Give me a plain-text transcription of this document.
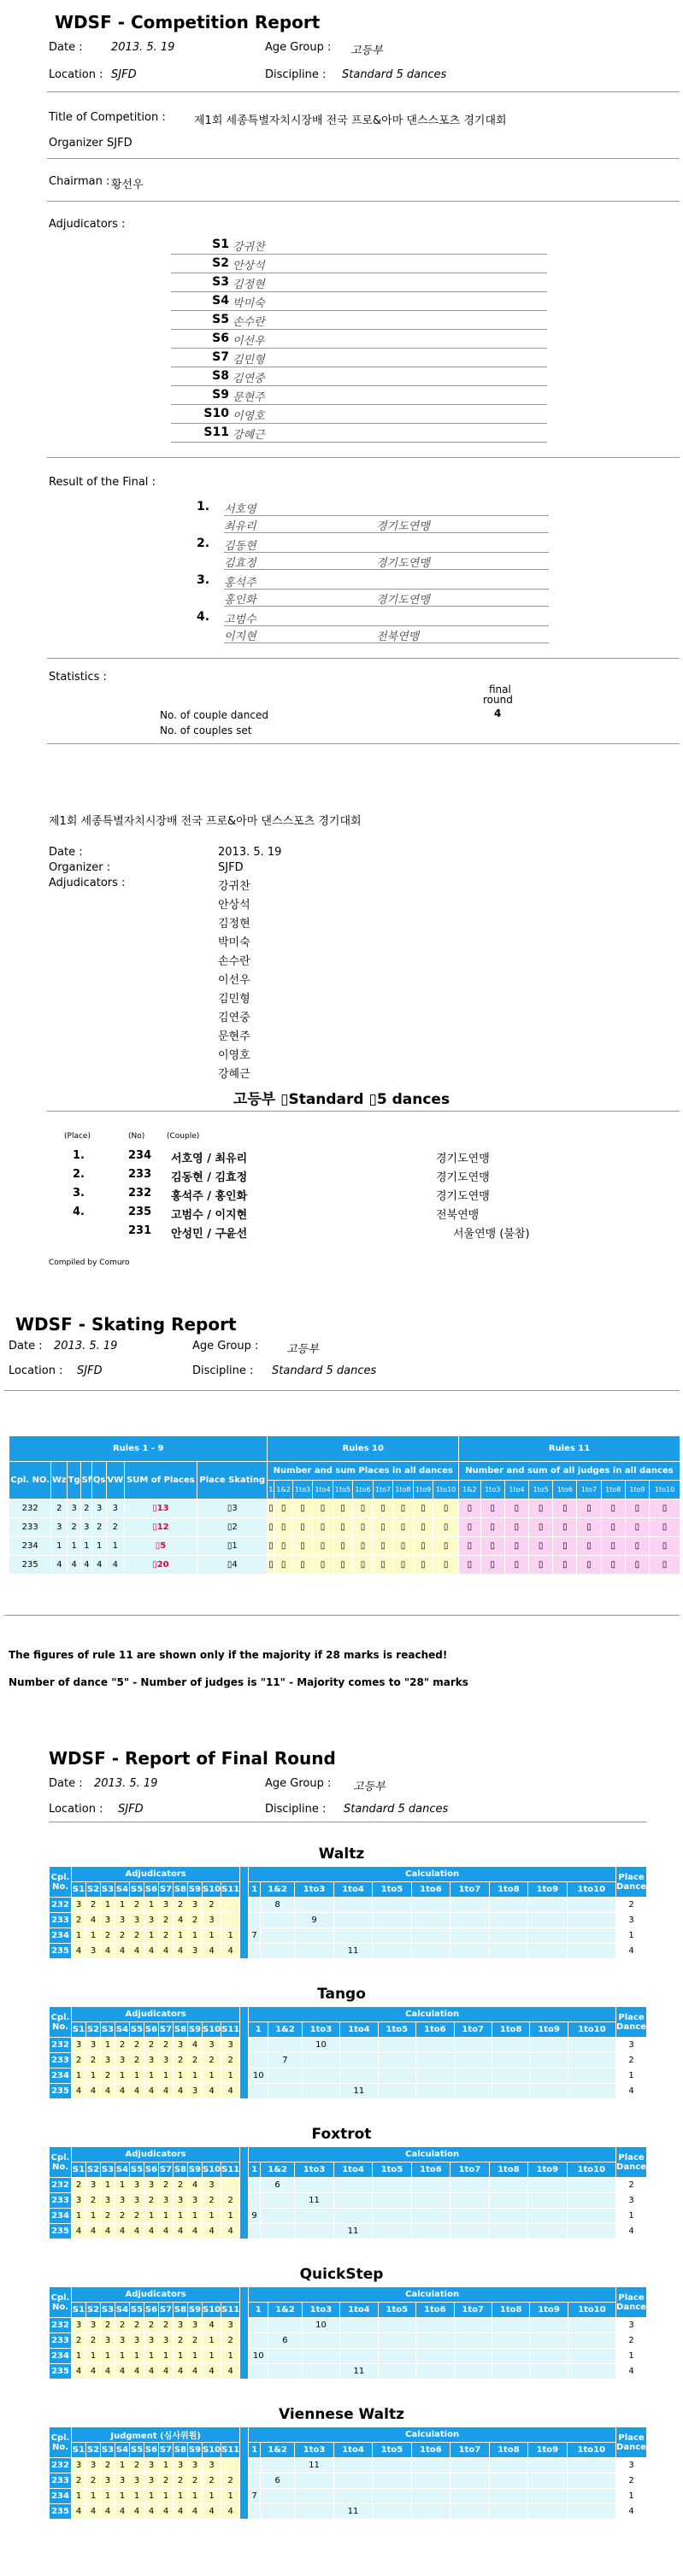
WDSF - Competition Report
Date :	2013. 5. 19	Age Group : 고등부
Location : SJFD	Discipline : Standard 5 dances
Title of Competition :	제1회 세종특별자치시장배 전국 프로&아마 댄스스포츠 경기대회
Organizer :
SJFD
Chairman : 황선우
Adjudicators :
S1 강귀찬
S2 안상석
S3 김정현
S4 박미숙
S5 손수란
S6 이선우
S7 김민형
S8 김연중
S9 문현주
S10 이영호
S11 강혜근
Result of the Final :
1. 서호영
최유리	경기도연맹
2. 김동현
김효정	경기도연맹
3. 홍석주
홍인화	경기도연맹
4. 고범수
이지현	전북연맹
Statistics :
final
round
No. of couple danced	4
No. of couples set
제1회 세종특별자치시장배 전국 프로&아마 댄스스포츠 경기대회
Date :	2013. 5. 19
Organizer :	SJFD
Adjudicators :	강귀찬
안상석
김정현
박미숙
손수란
이선우
김민형
김연중
문현주
이영호
강혜근
고등부 ▯Standard ▯5 dances
(Place)	(No)	(Couple)
1.	234 서호영 / 최유리	경기도연맹
2.	233 김동현 / 김효정	경기도연맹
3.	232 홍석주 / 홍인화	경기도연맹
4.	235 고범수 / 이지현	전북연맹
231 안성민 / 구윤선	서울연맹 (불참)
Compiled by Comuro
WDSF - Skating Report
Date : 2013. 5. 19	Age Group :	고등부
Location : SJFD	Discipline : Standard 5 dances
Rules 1 - 9								Rules 10										Rules 11								
Cpl. NO.	Wz	Tg	Sf	Qs	VW	SUM of Places	Place Skating	Number and sum Places in all dances										Number and sum of all judges in all dances								
								1	1&2	1to3	1to4	1to5	1to6	1to7	1to8	1to9	1to10	1&2	1to3	1to4	1to5	1to6	1to7	1to8	1to9	1to10
232	2	3	2	3	3	▯13	▯3	▯	▯	▯	▯	▯	▯	▯	▯	▯	▯	▯	▯	▯	▯	▯	▯	▯	▯	▯
233	3	2	3	2	2	▯12	▯2	▯	▯	▯	▯	▯	▯	▯	▯	▯	▯	▯	▯	▯	▯	▯	▯	▯	▯	▯
234	1	1	1	1	1	▯5	▯1	▯	▯	▯	▯	▯	▯	▯	▯	▯	▯	▯	▯	▯	▯	▯	▯	▯	▯	▯
235	4	4	4	4	4	▯20	▯4	▯	▯	▯	▯	▯	▯	▯	▯	▯	▯	▯	▯	▯	▯	▯	▯	▯	▯	▯
The figures of rule 11 are shown only if the majority if 28 marks is reached!
Number of dance "5" - Number of judges is "11" - Majority comes to "28" marks
WDSF - Report of Final Round
Date : 2013. 5. 19	Age Group : 고등부
Location : SJFD	Discipline : Standard 5 dances
Waltz
Cpl. No.	Adjudicators												Calculation										Place Dance
	S1	S2	S3	S4	S5	S6	S7	S8	S9	S10	S11		1	1&2	1to3	1to4	1to5	1to6	1to7	1to8	1to9	1to10	
232	3	2	1	1	2	1	3	2	3	2				8									2
233	2	4	3	3	3	3	2	4	2	3					9								3
234	1	1	2	2	2	1	2	1	1	1	1		7										1
235	4	3	4	4	4	4	4	4	3	4	4					11							4
Tango
Cpl. No.	Adjudicators												Calculation										Place Dance
	S1	S2	S3	S4	S5	S6	S7	S8	S9	S10	S11		1	1&2	1to3	1to4	1to5	1to6	1to7	1to8	1to9	1to10	
232	3	3	1	2	2	2	2	3	4	3	3				10								3
233	2	2	3	3	2	3	3	2	2	2	2			7									2
234	1	1	2	1	1	1	1	1	1	1	1		10										1
235	4	4	4	4	4	4	4	4	3	4	4					11							4
Foxtrot
Cpl. No.	Adjudicators												Calculation										Place Dance
	S1	S2	S3	S4	S5	S6	S7	S8	S9	S10	S11		1	1&2	1to3	1to4	1to5	1to6	1to7	1to8	1to9	1to10	
232	2	3	1	1	3	3	2	2	4	3				6									2
233	3	2	3	3	3	2	3	3	3	2	2				11								3
234	1	1	2	2	2	1	1	1	1	1	1		9										1
235	4	4	4	4	4	4	4	4	4	4	4					11							4
QuickStep
Cpl. No.	Adjudicators												Calculation										Place Dance
	S1	S2	S3	S4	S5	S6	S7	S8	S9	S10	S11		1	1&2	1to3	1to4	1to5	1to6	1to7	1to8	1to9	1to10	
232	3	3	2	2	2	2	2	3	3	4	3				10								3
233	2	2	3	3	3	3	3	2	2	1	2			6									2
234	1	1	1	1	1	1	1	1	1	1	1		10										1
235	4	4	4	4	4	4	4	4	4	4	4					11							4
Viennese Waltz
Cpl. No.	Judgment (심사위원)												Calculation										Place Dance
	S1	S2	S3	S4	S5	S6	S7	S8	S9	S10	S11		1	1&2	1to3	1to4	1to5	1to6	1to7	1to8	1to9	1to10	
232	3	3	2	1	2	3	1	3	3	3					11								3
233	2	2	3	3	3	3	2	2	2	2	2			6									2
234	1	1	1	1	1	1	1	1	1	1	1		7										1
235	4	4	4	4	4	4	4	4	4	4	4					11							4
